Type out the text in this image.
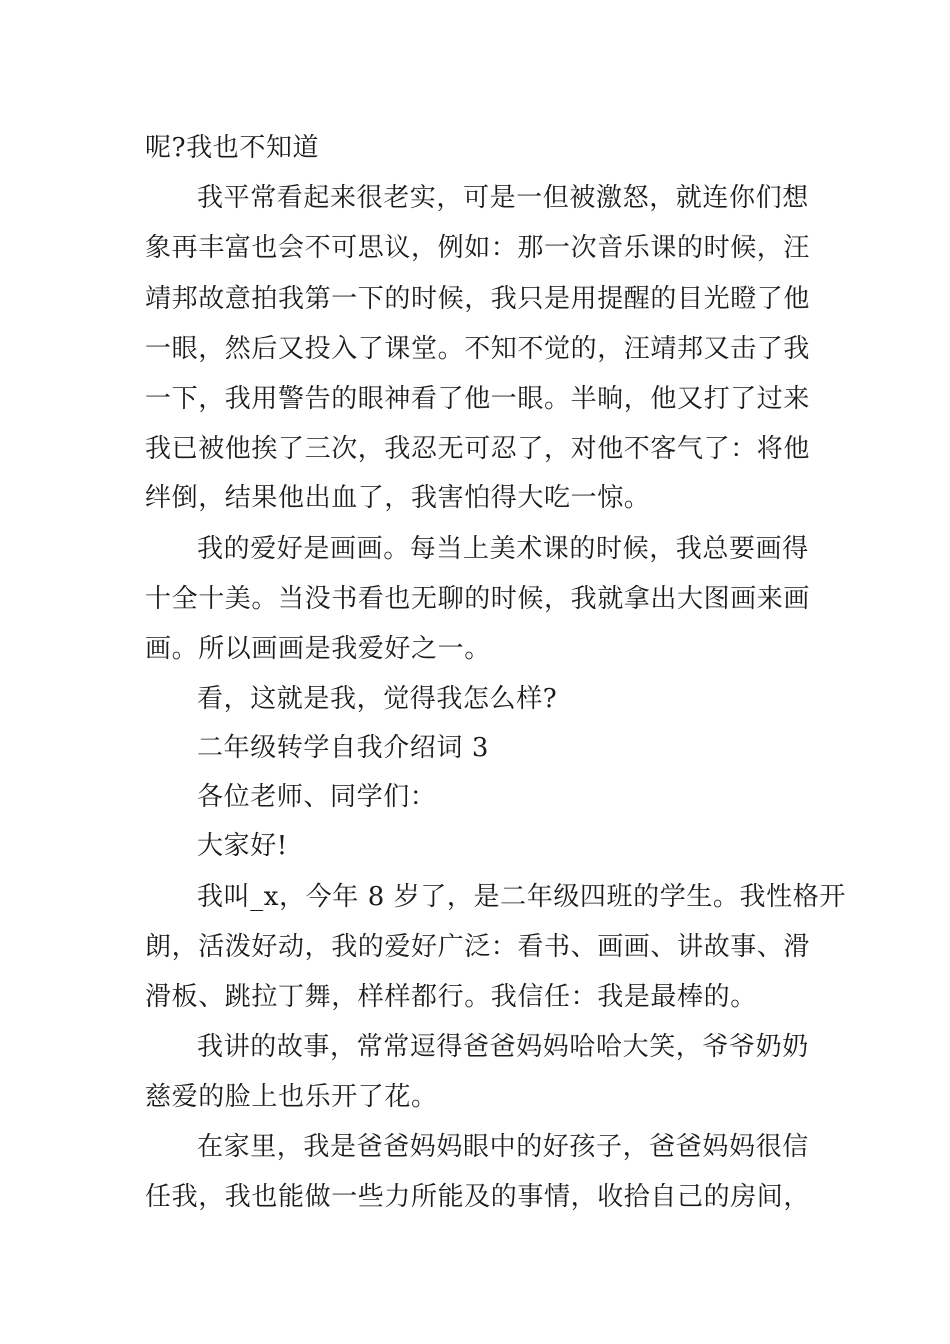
呢?我也不知道
我平常看起来很老实，可是一但被激怒，就连你们想
象再丰富也会不可思议，例如：那一次音乐课的时候，汪
靖邦故意拍我第一下的时候，我只是用提醒的目光瞪了他
一眼，然后又投入了课堂。不知不觉的，汪靖邦又击了我
一下，我用警告的眼神看了他一眼。半晌，他又打了过来
我已被他挨了三次，我忍无可忍了，对他不客气了：将他
绊倒，结果他出血了，我害怕得大吃一惊。
我的爱好是画画。每当上美术课的时候，我总要画得
十全十美。当没书看也无聊的时候，我就拿出大图画来画
画。所以画画是我爱好之一。
看，这就是我，觉得我怎么样?
二年级转学自我介绍词 3
各位老师、同学们：
大家好!
我叫_x，今年 8 岁了，是二年级四班的学生。我性格开
朗，活泼好动，我的爱好广泛：看书、画画、讲故事、滑
滑板、跳拉丁舞，样样都行。我信任：我是最棒的。
我讲的故事，常常逗得爸爸妈妈哈哈大笑，爷爷奶奶
慈爱的脸上也乐开了花。
在家里，我是爸爸妈妈眼中的好孩子，爸爸妈妈很信
任我，我也能做一些力所能及的事情，收拾自己的房间，
